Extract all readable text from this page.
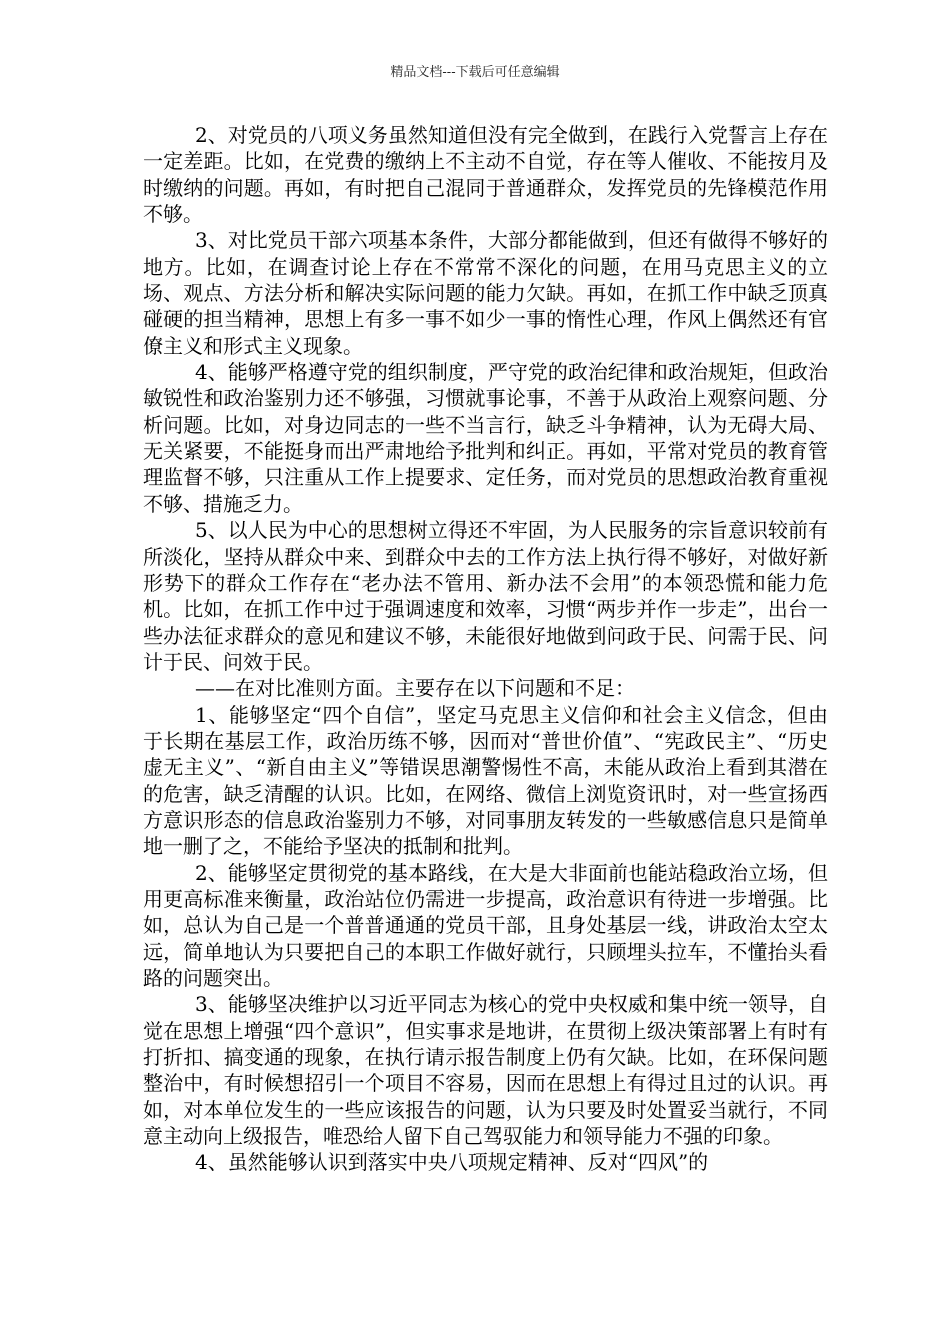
精品文档---下载后可任意编辑

2、对党员的八项义务虽然知道但没有完全做到，在践行入党誓言上存在一定差距。比如，在党费的缴纳上不主动不自觉，存在等人催收、不能按月及时缴纳的问题。再如，有时把自己混同于普通群众，发挥党员的先锋模范作用不够。

3、对比党员干部六项基本条件，大部分都能做到，但还有做得不够好的地方。比如，在调查讨论上存在不常常不深化的问题，在用马克思主义的立场、观点、方法分析和解决实际问题的能力欠缺。再如，在抓工作中缺乏顶真碰硬的担当精神，思想上有多一事不如少一事的惰性心理，作风上偶然还有官僚主义和形式主义现象。

4、能够严格遵守党的组织制度，严守党的政治纪律和政治规矩，但政治敏锐性和政治鉴别力还不够强，习惯就事论事，不善于从政治上观察问题、分析问题。比如，对身边同志的一些不当言行，缺乏斗争精神，认为无碍大局、无关紧要，不能挺身而出严肃地给予批判和纠正。再如，平常对党员的教育管理监督不够，只注重从工作上提要求、定任务，而对党员的思想政治教育重视不够、措施乏力。

5、以人民为中心的思想树立得还不牢固，为人民服务的宗旨意识较前有所淡化，坚持从群众中来、到群众中去的工作方法上执行得不够好，对做好新形势下的群众工作存在“老办法不管用、新办法不会用”的本领恐慌和能力危机。比如，在抓工作中过于强调速度和效率，习惯“两步并作一步走”，出台一些办法征求群众的意见和建议不够，未能很好地做到问政于民、问需于民、问计于民、问效于民。

——在对比准则方面。主要存在以下问题和不足：

1、能够坚定“四个自信”，坚定马克思主义信仰和社会主义信念，但由于长期在基层工作，政治历练不够，因而对“普世价值”、“宪政民主”、“历史虚无主义”、“新自由主义”等错误思潮警惕性不高，未能从政治上看到其潜在的危害，缺乏清醒的认识。比如，在网络、微信上浏览资讯时，对一些宣扬西方意识形态的信息政治鉴别力不够，对同事朋友转发的一些敏感信息只是简单地一删了之，不能给予坚决的抵制和批判。

2、能够坚定贯彻党的基本路线，在大是大非面前也能站稳政治立场，但用更高标准来衡量，政治站位仍需进一步提高，政治意识有待进一步增强。比如，总认为自己是一个普普通通的党员干部，且身处基层一线，讲政治太空太远，简单地认为只要把自己的本职工作做好就行，只顾埋头拉车，不懂抬头看路的问题突出。

3、能够坚决维护以习近平同志为核心的党中央权威和集中统一领导，自觉在思想上增强“四个意识”，但实事求是地讲，在贯彻上级决策部署上有时有打折扣、搞变通的现象，在执行请示报告制度上仍有欠缺。比如，在环保问题整治中，有时候想招引一个项目不容易，因而在思想上有得过且过的认识。再如，对本单位发生的一些应该报告的问题，认为只要及时处置妥当就行，不同意主动向上级报告，唯恐给人留下自己驾驭能力和领导能力不强的印象。

4、虽然能够认识到落实中央八项规定精神、反对“四风”的
